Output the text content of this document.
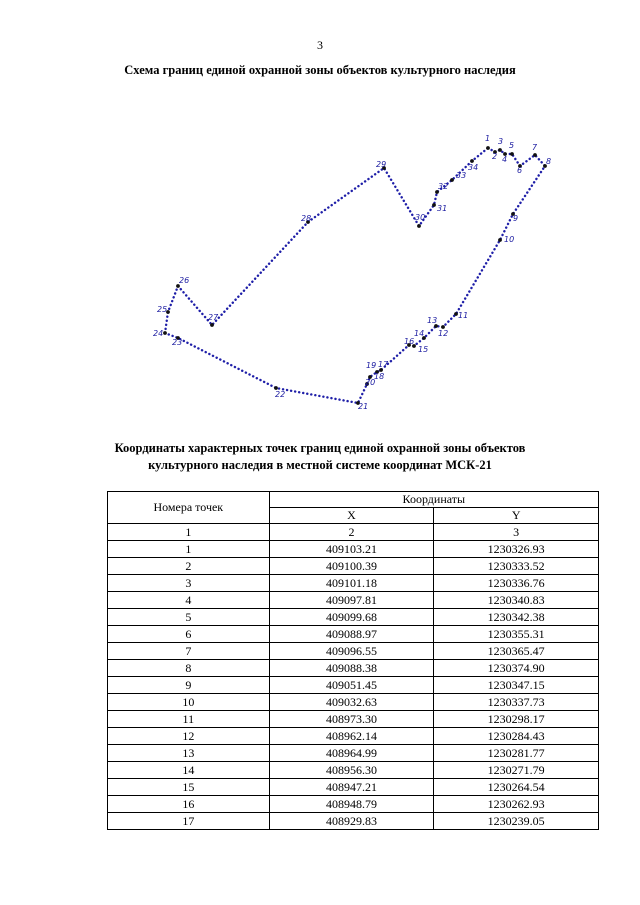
3
Схема границ единой охранной зоны объектов культурного наследия
1
2
3
4
5
6
7
8
9
10
11
12
13
14
15
16
17
18
19
20
21
22
23
24
25
26
27
28
29
30
31
32
33
34
Координаты характерных точек границ единой охранной зоны объектов
культурного наследия в местной системе координат МСК-21
Номера точек	Координаты	
	X	Y
1	2	3
1	409103.21	1230326.93
2	409100.39	1230333.52
3	409101.18	1230336.76
4	409097.81	1230340.83
5	409099.68	1230342.38
6	409088.97	1230355.31
7	409096.55	1230365.47
8	409088.38	1230374.90
9	409051.45	1230347.15
10	409032.63	1230337.73
11	408973.30	1230298.17
12	408962.14	1230284.43
13	408964.99	1230281.77
14	408956.30	1230271.79
15	408947.21	1230264.54
16	408948.79	1230262.93
17	408929.83	1230239.05
